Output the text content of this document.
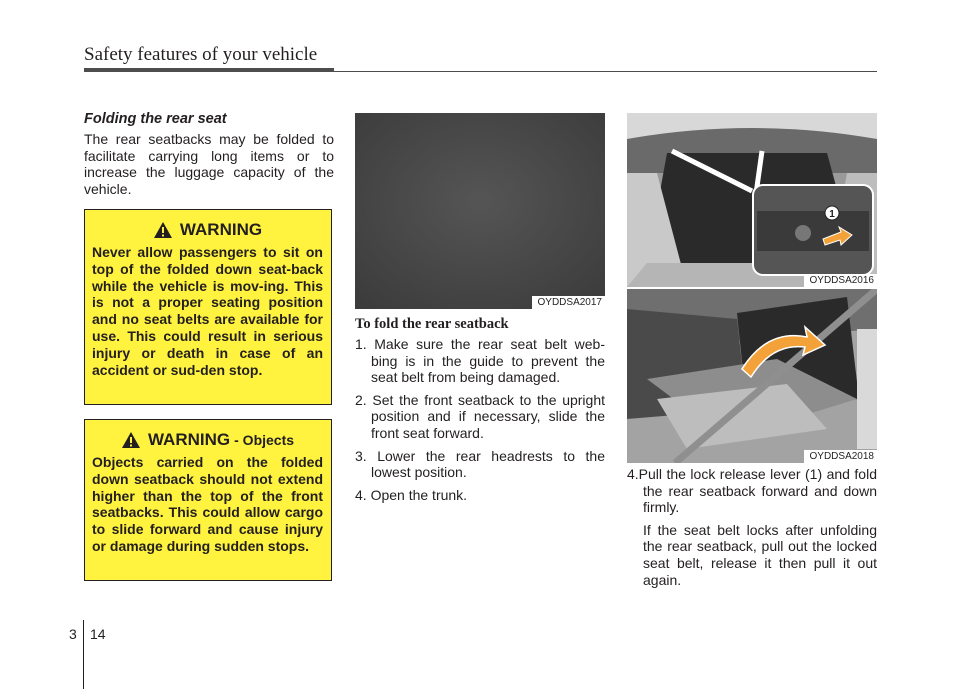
Safety features of your vehicle
Folding the rear seat

The rear seatbacks may be folded to facilitate carrying long items or to increase the luggage capacity of the vehicle.

WARNING

Never allow passengers to sit on top of the folded down seat-back while the vehicle is mov-ing. This is not a proper seating position and no seat belts are available for use. This could result in serious injury or death in case of an accident or sud-den stop.

WARNING - Objects

Objects carried on the folded down seatback should not extend higher than the top of the front seatbacks. This could allow cargo to slide forward and cause injury or damage during sudden stops.

OYDDSA2017
1
OYDDSA2016
OYDDSA2018
To fold the rear seatback
1. Make sure the rear seat belt web-bing is in the guide to prevent the seat belt from being damaged.
2. Set the front seatback to the upright position and if necessary, slide the front seat forward.
3. Lower the rear headrests to the lowest position.
4. Open the trunk.

4.Pull the lock release lever (1) and fold the rear seatback forward and down firmly.

If the seat belt locks after unfolding the rear seatback, pull out the locked seat belt, release it then pull it out again.

3 14
